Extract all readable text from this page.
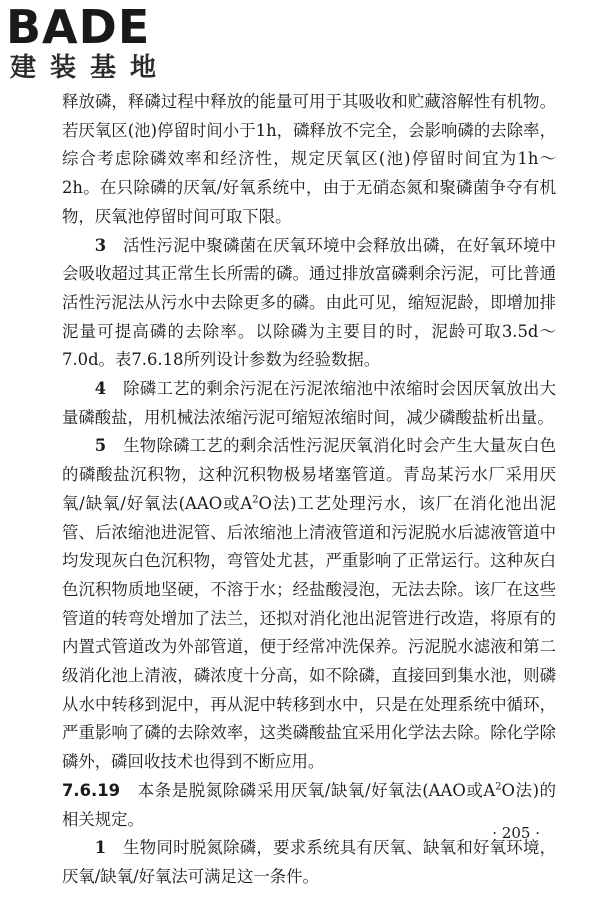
BADE
建装基地

释放磷，释磷过程中释放的能量可用于其吸收和贮藏溶解性有机物。若厌氧区(池)停留时间小于1h，磷释放不完全，会影响磷的去除率，综合考虑除磷效率和经济性，规定厌氧区(池)停留时间宜为1h～2h。在只除磷的厌氧/好氧系统中，由于无硝态氮和聚磷菌争夺有机物，厌氧池停留时间可取下限。

3　 活性污泥中聚磷菌在厌氧环境中会释放出磷，在好氧环境中会吸收超过其正常生长所需的磷。通过排放富磷剩余污泥，可比普通活性污泥法从污水中去除更多的磷。由此可见，缩短泥龄，即增加排泥量可提高磷的去除率。以除磷为主要目的时，泥龄可取3.5d～7.0d。表7.6.18所列设计参数为经验数据。

4　 除磷工艺的剩余污泥在污泥浓缩池中浓缩时会因厌氧放出大量磷酸盐，用机械法浓缩污泥可缩短浓缩时间，减少磷酸盐析出量。

5　 生物除磷工艺的剩余活性污泥厌氧消化时会产生大量灰白色的磷酸盐沉积物，这种沉积物极易堵塞管道。青岛某污水厂采用厌氧/缺氧/好氧法(AAO或$A^2O$法)工艺处理污水，该厂在消化池出泥管、后浓缩池进泥管、后浓缩池上清液管道和污泥脱水后滤液管道中均发现灰白色沉积物，弯管处尤甚，严重影响了正常运行。这种灰白色沉积物质地坚硬，不溶于水；经盐酸浸泡，无法去除。该厂在这些管道的转弯处增加了法兰，还拟对消化池出泥管进行改造，将原有的内置式管道改为外部管道，便于经常冲洗保养。污泥脱水滤液和第二级消化池上清液，磷浓度十分高，如不除磷，直接回到集水池，则磷从水中转移到泥中，再从泥中转移到水中，只是在处理系统中循环，严重影响了磷的去除效率，这类磷酸盐宜采用化学法去除。除化学除磷外，磷回收技术也得到不断应用。

7.6.19　 本条是脱氮除磷采用厌氧/缺氧/好氧法(AAO或$A^2O$法)的相关规定。

1　 生物同时脱氮除磷，要求系统具有厌氧、缺氧和好氧环境，厌氧/缺氧/好氧法可满足这一条件。

· 205 ·
